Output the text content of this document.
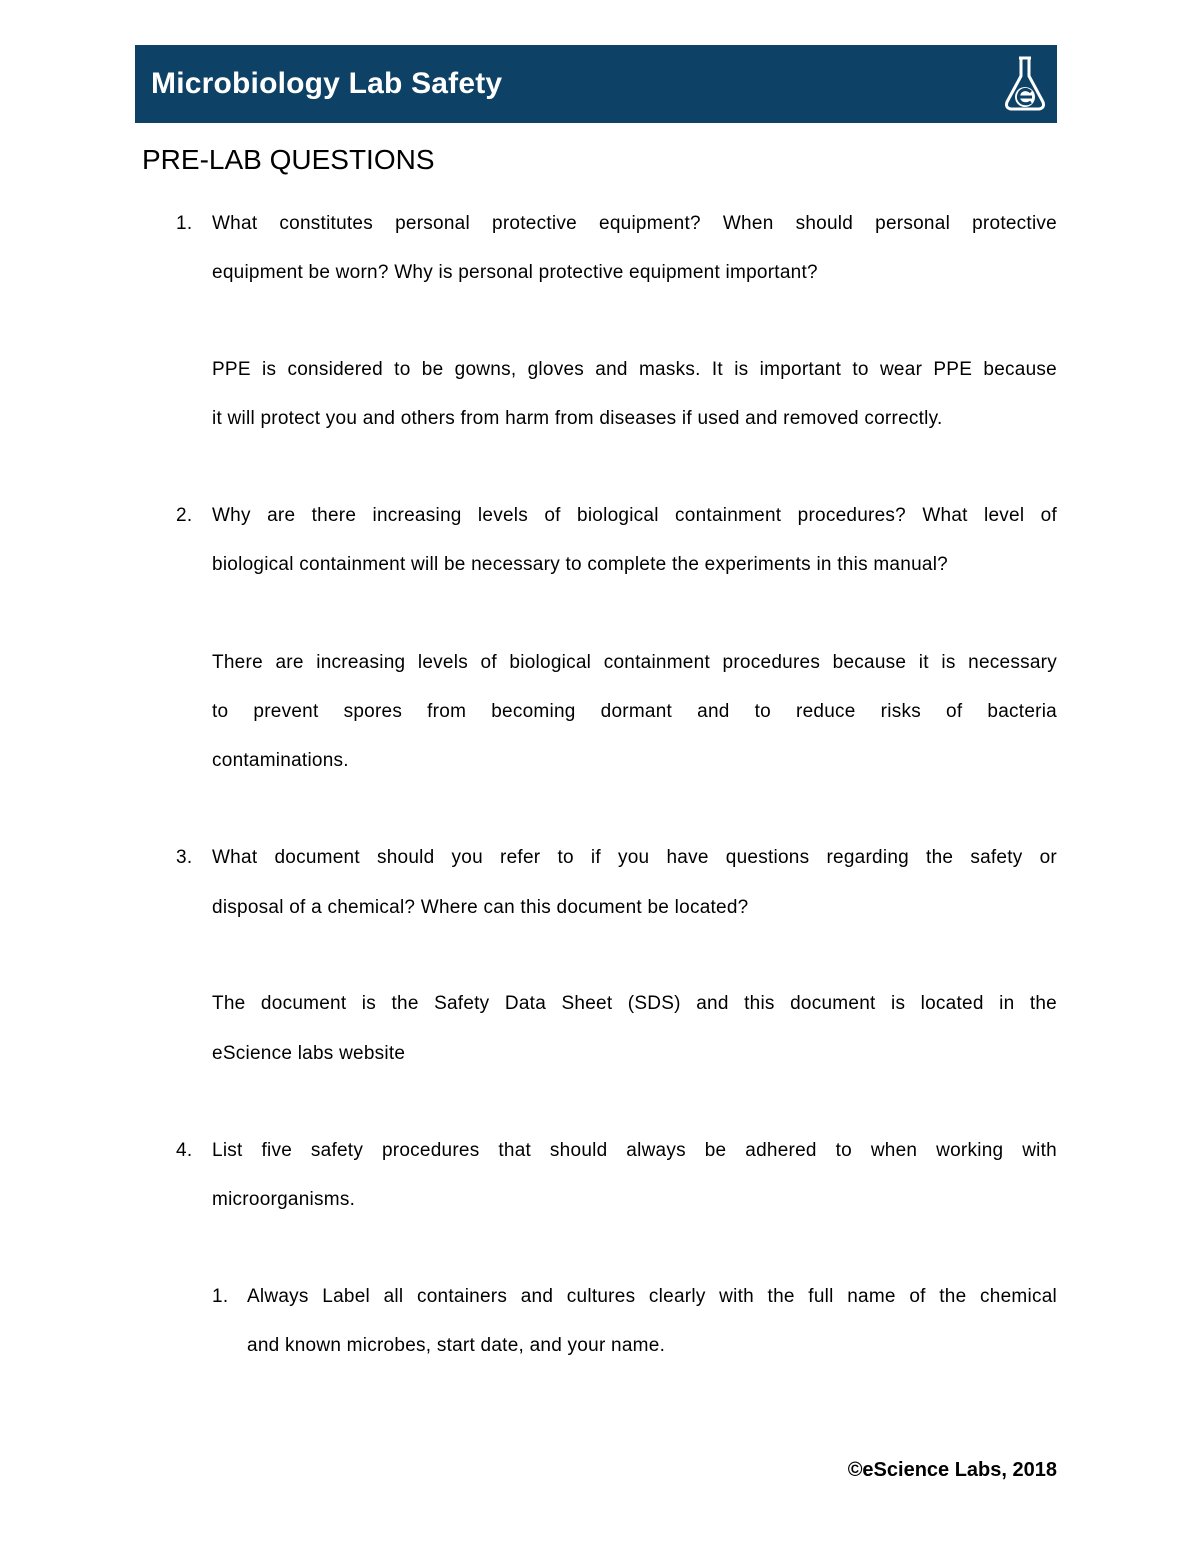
Microbiology Lab Safety
PRE-LAB QUESTIONS
1. What constitutes personal protective equipment? When should personal protective
equipment be worn? Why is personal protective equipment important?
PPE is considered to be gowns, gloves and masks. It is important to wear PPE because
it will protect you and others from harm from diseases if used and removed correctly.
2. Why are there increasing levels of biological containment procedures? What level of
biological containment will be necessary to complete the experiments in this manual?
There are increasing levels of biological containment procedures because it is necessary
to prevent spores from becoming dormant and to reduce risks of bacteria
contaminations.
3. What document should you refer to if you have questions regarding the safety or
disposal of a chemical? Where can this document be located?
The document is the Safety Data Sheet (SDS) and this document is located in the
eScience labs website
4. List five safety procedures that should always be adhered to when working with
microorganisms.
1. Always Label all containers and cultures clearly with the full name of the chemical
and known microbes, start date, and your name.
©eScience Labs, 2018
